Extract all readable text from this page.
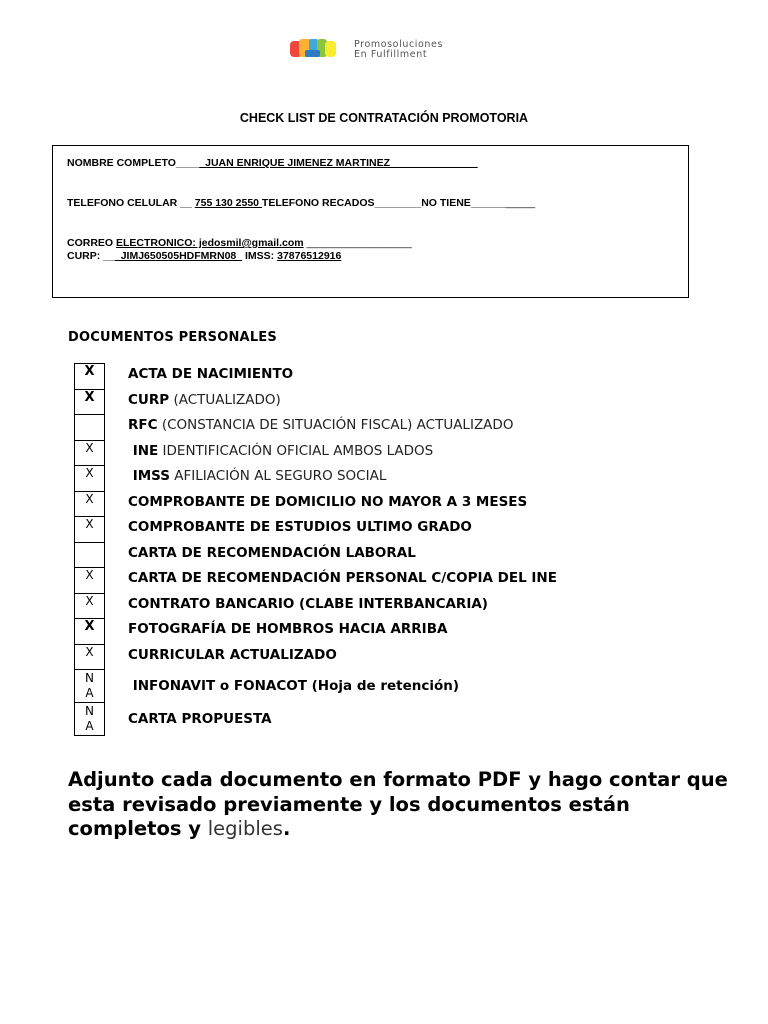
Promosoluciones
En Fulfillment
CHECK LIST DE CONTRATACIÓN PROMOTORIA
NOMBRE COMPLETO_____JUAN ENRIQUE JIMENEZ MARTINEZ_______________
TELEFONO CELULAR __ 755 130 2550 TELEFONO RECADOS________NO TIENE___________
CORREO ELECTRONICO: jedosmil@gmail.com __________________
CURP: ___JIMJ650505HDFMRN08_ IMSS: 37876512916
DOCUMENTOS PERSONALES
X
X
X
X
X
X
X
X
X
X
N
A
N
A
ACTA DE NACIMIENTO
CURP (ACTUALIZADO)
RFC (CONSTANCIA DE SITUACIÓN FISCAL) ACTUALIZADO
INE IDENTIFICACIÓN OFICIAL AMBOS LADOS
IMSS AFILIACIÓN AL SEGURO SOCIAL
COMPROBANTE DE DOMICILIO NO MAYOR A 3 MESES
COMPROBANTE DE ESTUDIOS ULTIMO GRADO
CARTA DE RECOMENDACIÓN LABORAL
CARTA DE RECOMENDACIÓN PERSONAL C/COPIA DEL INE
CONTRATO BANCARIO (CLABE INTERBANCARIA)
FOTOGRAFÍA DE HOMBROS HACIA ARRIBA
CURRICULAR ACTUALIZADO
INFONAVIT o FONACOT (Hoja de retención)
CARTA PROPUESTA
Adjunto cada documento en formato PDF y hago contar que esta revisado previamente y los documentos están completos y legibles.
